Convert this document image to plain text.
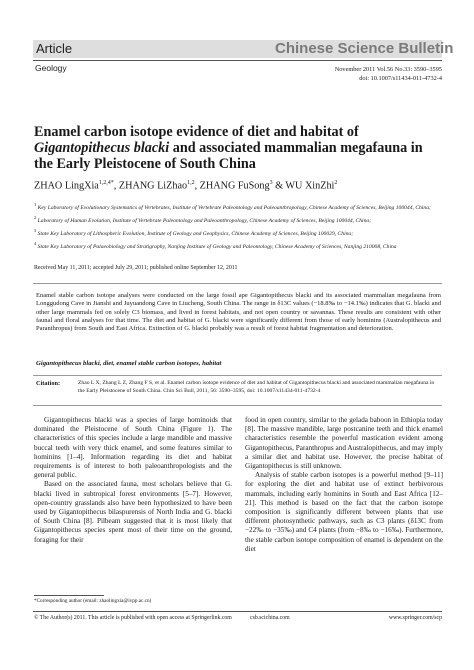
Article	Chinese Science Bulletin
Geology	November 2011 Vol.56 No.33: 3590–3595
doi: 10.1007/s11434-011-4732-4
Enamel carbon isotope evidence of diet and habitat of Gigantopithecus blacki and associated mammalian megafauna in the Early Pleistocene of South China
ZHAO LingXia$^{1,2,4*}$, ZHANG LiZhao$^{1,2}$, ZHANG FuSong$^3$ & WU XinZhi$^2$
$^1$ Key Laboratory of Evolutionary Systematics of Vertebrates, Institute of Vertebrate Paleontology and Paleoanthropology, Chinese Academy of Sciences, Beijing 100044, China;
$^2$ Laboratory of Human Evolution, Institute of Vertebrate Paleontology and Paleoanthropology, Chinese Academy of Sciences, Beijing 100044, China;
$^3$ State Key Laboratory of Lithospheric Evolution, Institute of Geology and Geophysics, Chinese Academy of Sciences, Beijing 100029, China;
$^4$ State Key Laboratory of Palaeobiology and Stratigraphy, Nanjing Institute of Geology and Paleontology, Chinese Academy of Sciences, Nanjing 210008, China
Received May 11, 2011; accepted July 29, 2011; published online September 12, 2011
Enamel stable carbon isotope analyses were conducted on the large fossil ape Gigantopithecus blacki and its associated mammalian megafauna from Longgudong Cave in Jianshi and Juyuandong Cave in Liucheng, South China. The range in δ13C values (−18.8‰ to −14.1‰) indicates that G. blacki and other large mammals fed on solely C3 biomass, and lived in forest habitats, and not open country or savannas. These results are consistent with other faunal and floral analyses for that time. The diet and habitat of G. blacki were significantly different from those of early hominins (Australopithecus and Paranthropus) from South and East Africa. Extinction of G. blacki probably was a result of forest habitat fragmentation and deterioration.
Gigantopithecus blacki, diet, enamel stable carbon isotopes, habitat
Citation:	Zhao L X, Zhang L Z, Zhang F S, et al. Enamel carbon isotope evidence of diet and habitat of Gigantopithecus blacki and associated mammalian megafauna in the Early Pleistocene of South China. Chin Sci Bull, 2011, 56: 3590–3595, doi: 10.1007/s11434-011-4732-4

Gigantopithecus blacki was a species of large hominoids that dominated the Pleistocene of South China (Figure 1). The characteristics of this species include a large mandible and massive buccal teeth with very thick enamel, and some features similar to hominins [1–4]. Information regarding its diet and habitat requirements is of interest to both paleoanthropologists and the general public.

Based on the associated fauna, most scholars believe that G. blacki lived in subtropical forest environments [5–7]. However, open-country grasslands also have been hypothesized to have been used by Gigantopithecus bilaspurensis of North India and G. blacki of South China [8]. Pilbeam suggested that it is most likely that Gigantopithecus species spent most of their time on the ground, foraging for their

food in open country, similar to the gelada baboon in Ethiopia today [8]. The massive mandible, large postcanine teeth and thick enamel characteristics resemble the powerful mastication evident among Gigantopithecus, Paranthropus and Australopithecus, and may imply a similar diet and habitat use. However, the precise habitat of Gigantopithecus is still unknown.

Analysis of stable carbon isotopes is a powerful method [9–11] for exploring the diet and habitat use of extinct herbivorous mammals, including early hominins in South and East Africa [12–21]. This method is based on the fact that the carbon isotope composition is significantly different between plants that use different photosynthetic pathways, such as C3 plants (δ13C from −22‰ to −35‰) and C4 plants (from −8‰ to −16‰). Furthermore, the stable carbon isotope composition of enamel is dependent on the diet

*Corresponding author (email: zhaolingxia@ivpp.ac.cn)
© The Author(s) 2011. This article is published with open access at Springerlink.com	csb.scichina.com	www.springer.com/scp
